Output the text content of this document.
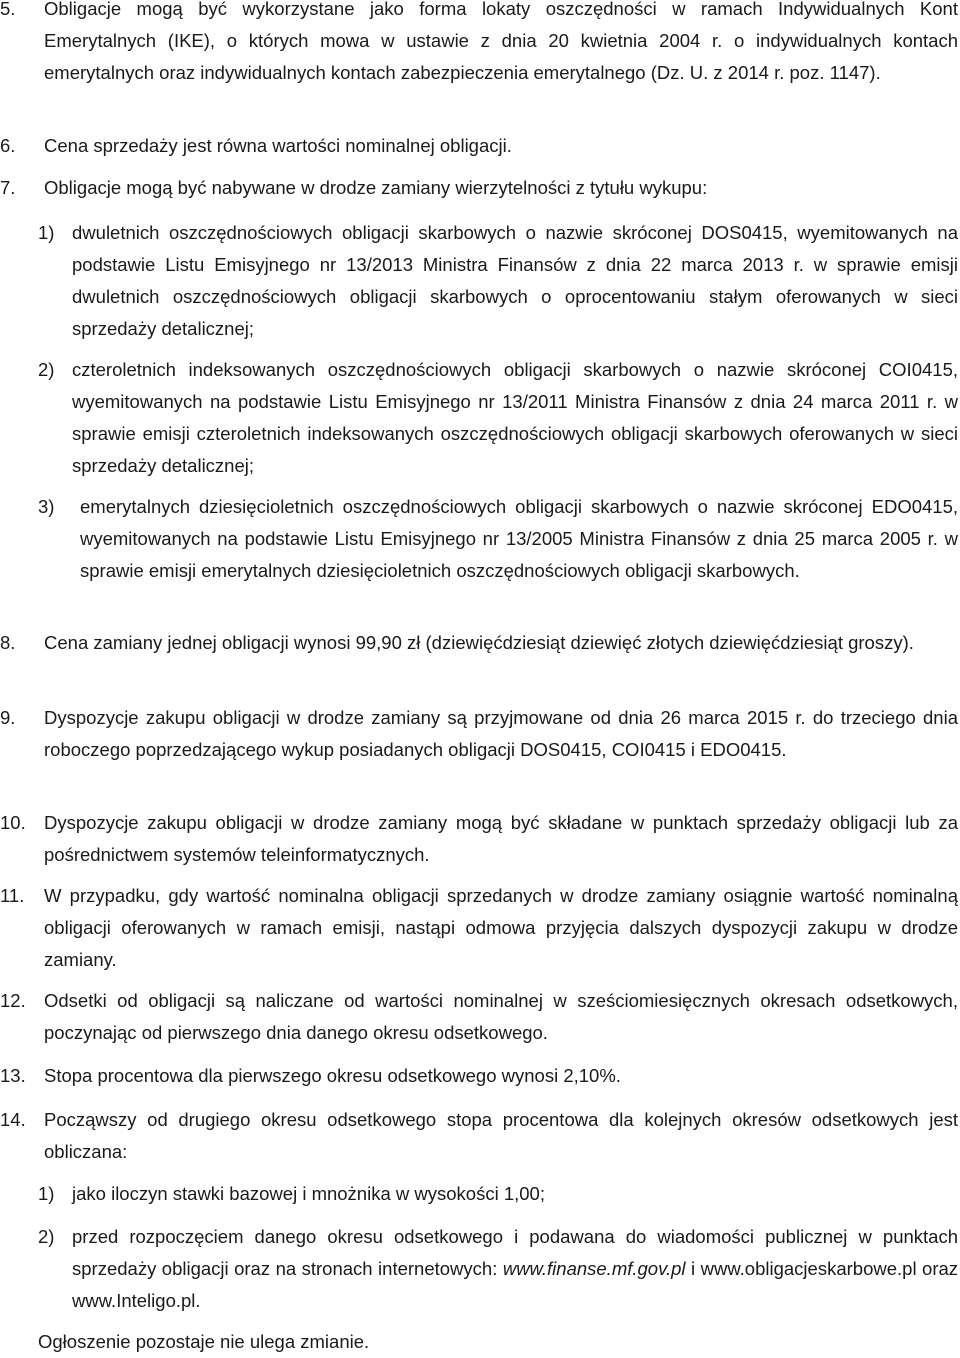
5. Obligacje mogą być wykorzystane jako forma lokaty oszczędności w ramach Indywidualnych Kont Emerytalnych (IKE), o których mowa w ustawie z dnia 20 kwietnia 2004 r. o indywidualnych kontach emerytalnych oraz indywidualnych kontach zabezpieczenia emerytalnego (Dz. U. z 2014 r. poz. 1147).
6. Cena sprzedaży jest równa wartości nominalnej obligacji.
7. Obligacje mogą być nabywane w drodze zamiany wierzytelności z tytułu wykupu:
1) dwuletnich oszczędnościowych obligacji skarbowych o nazwie skróconej DOS0415, wyemitowanych na podstawie Listu Emisyjnego nr 13/2013 Ministra Finansów z dnia 22 marca 2013 r. w sprawie emisji dwuletnich oszczędnościowych obligacji skarbowych o oprocentowaniu stałym oferowanych w sieci sprzedaży detalicznej;
2) czteroletnich indeksowanych oszczędnościowych obligacji skarbowych o nazwie skróconej COI0415, wyemitowanych na podstawie Listu Emisyjnego nr 13/2011 Ministra Finansów z dnia 24 marca 2011 r. w sprawie emisji czteroletnich indeksowanych oszczędnościowych obligacji skarbowych oferowanych w sieci sprzedaży detalicznej;
3) emerytalnych dziesięcioletnich oszczędnościowych obligacji skarbowych o nazwie skróconej EDO0415, wyemitowanych na podstawie Listu Emisyjnego nr 13/2005 Ministra Finansów z dnia 25 marca 2005 r. w sprawie emisji emerytalnych dziesięcioletnich oszczędnościowych obligacji skarbowych.
8. Cena zamiany jednej obligacji wynosi 99,90 zł (dziewięćdziesiąt dziewięć złotych dziewięćdziesiąt groszy).
9. Dyspozycje zakupu obligacji w drodze zamiany są przyjmowane od dnia 26 marca 2015 r. do trzeciego dnia roboczego poprzedzającego wykup posiadanych obligacji DOS0415, COI0415 i EDO0415.
10. Dyspozycje zakupu obligacji w drodze zamiany mogą być składane w punktach sprzedaży obligacji lub za pośrednictwem systemów teleinformatycznych.
11. W przypadku, gdy wartość nominalna obligacji sprzedanych w drodze zamiany osiągnie wartość nominalną obligacji oferowanych w ramach emisji, nastąpi odmowa przyjęcia dalszych dyspozycji zakupu w drodze zamiany.
12. Odsetki od obligacji są naliczane od wartości nominalnej w sześciomiesięcznych okresach odsetkowych, poczynając od pierwszego dnia danego okresu odsetkowego.
13. Stopa procentowa dla pierwszego okresu odsetkowego wynosi 2,10%.
14. Począwszy od drugiego okresu odsetkowego stopa procentowa dla kolejnych okresów odsetkowych jest obliczana:
1) jako iloczyn stawki bazowej i mnożnika w wysokości 1,00;
2) przed rozpoczęciem danego okresu odsetkowego i podawana do wiadomości publicznej w punktach sprzedaży obligacji oraz na stronach internetowych: www.finanse.mf.gov.pl i www.obligacjeskarbowe.pl oraz www.Inteligo.pl.
Ogłoszenie pozostaje nie ulega zmianie.
